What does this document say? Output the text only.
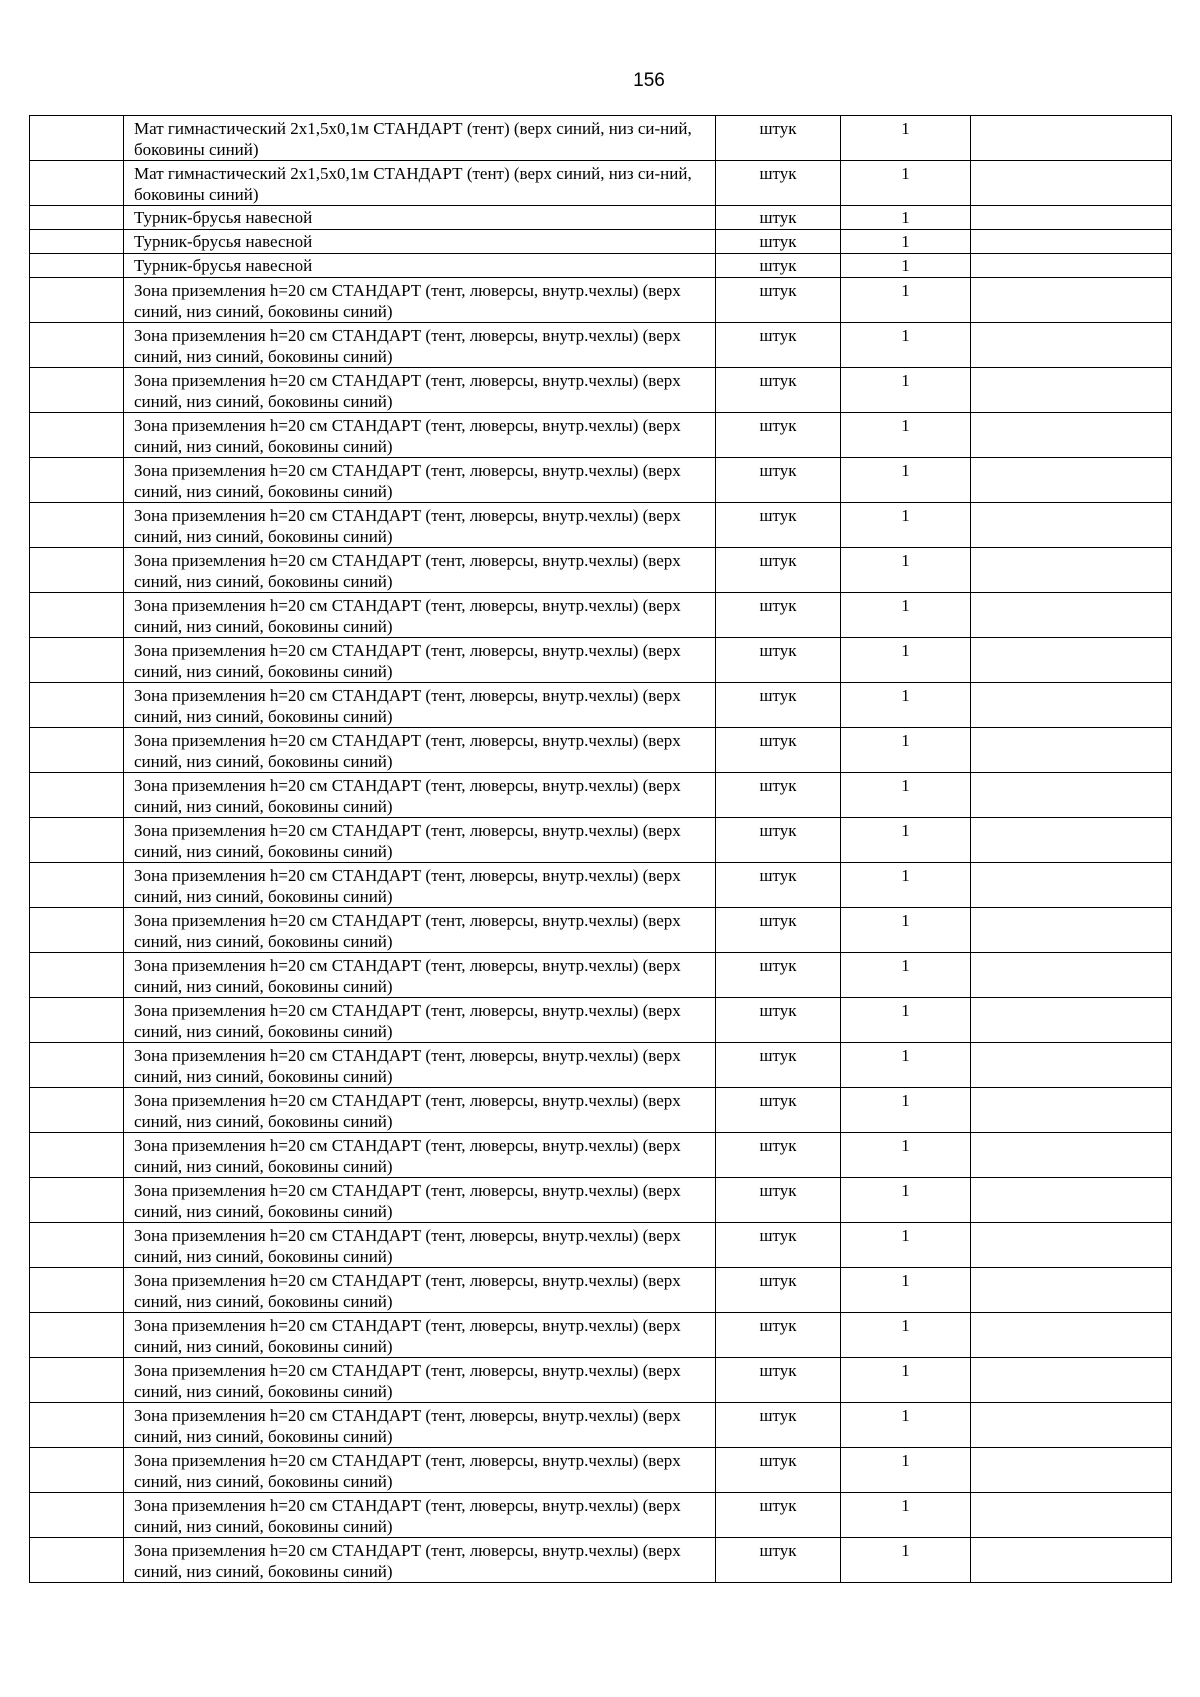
156
	Мат гимнастический 2х1,5х0,1м СТАНДАРТ (тент) (верх синий, низ си-ний, боковины синий)	штук	1	
	Мат гимнастический 2х1,5х0,1м СТАНДАРТ (тент) (верх синий, низ си-ний, боковины синий)	штук	1	
	Турник-брусья навесной	штук	1	
	Турник-брусья навесной	штук	1	
	Турник-брусья навесной	штук	1	
	Зона приземления h=20 см СТАНДАРТ (тент, люверсы, внутр.чехлы) (верх синий, низ синий, боковины синий)	штук	1	
	Зона приземления h=20 см СТАНДАРТ (тент, люверсы, внутр.чехлы) (верх синий, низ синий, боковины синий)	штук	1	
	Зона приземления h=20 см СТАНДАРТ (тент, люверсы, внутр.чехлы) (верх синий, низ синий, боковины синий)	штук	1	
	Зона приземления h=20 см СТАНДАРТ (тент, люверсы, внутр.чехлы) (верх синий, низ синий, боковины синий)	штук	1	
	Зона приземления h=20 см СТАНДАРТ (тент, люверсы, внутр.чехлы) (верх синий, низ синий, боковины синий)	штук	1	
	Зона приземления h=20 см СТАНДАРТ (тент, люверсы, внутр.чехлы) (верх синий, низ синий, боковины синий)	штук	1	
	Зона приземления h=20 см СТАНДАРТ (тент, люверсы, внутр.чехлы) (верх синий, низ синий, боковины синий)	штук	1	
	Зона приземления h=20 см СТАНДАРТ (тент, люверсы, внутр.чехлы) (верх синий, низ синий, боковины синий)	штук	1	
	Зона приземления h=20 см СТАНДАРТ (тент, люверсы, внутр.чехлы) (верх синий, низ синий, боковины синий)	штук	1	
	Зона приземления h=20 см СТАНДАРТ (тент, люверсы, внутр.чехлы) (верх синий, низ синий, боковины синий)	штук	1	
	Зона приземления h=20 см СТАНДАРТ (тент, люверсы, внутр.чехлы) (верх синий, низ синий, боковины синий)	штук	1	
	Зона приземления h=20 см СТАНДАРТ (тент, люверсы, внутр.чехлы) (верх синий, низ синий, боковины синий)	штук	1	
	Зона приземления h=20 см СТАНДАРТ (тент, люверсы, внутр.чехлы) (верх синий, низ синий, боковины синий)	штук	1	
	Зона приземления h=20 см СТАНДАРТ (тент, люверсы, внутр.чехлы) (верх синий, низ синий, боковины синий)	штук	1	
	Зона приземления h=20 см СТАНДАРТ (тент, люверсы, внутр.чехлы) (верх синий, низ синий, боковины синий)	штук	1	
	Зона приземления h=20 см СТАНДАРТ (тент, люверсы, внутр.чехлы) (верх синий, низ синий, боковины синий)	штук	1	
	Зона приземления h=20 см СТАНДАРТ (тент, люверсы, внутр.чехлы) (верх синий, низ синий, боковины синий)	штук	1	
	Зона приземления h=20 см СТАНДАРТ (тент, люверсы, внутр.чехлы) (верх синий, низ синий, боковины синий)	штук	1	
	Зона приземления h=20 см СТАНДАРТ (тент, люверсы, внутр.чехлы) (верх синий, низ синий, боковины синий)	штук	1	
	Зона приземления h=20 см СТАНДАРТ (тент, люверсы, внутр.чехлы) (верх синий, низ синий, боковины синий)	штук	1	
	Зона приземления h=20 см СТАНДАРТ (тент, люверсы, внутр.чехлы) (верх синий, низ синий, боковины синий)	штук	1	
	Зона приземления h=20 см СТАНДАРТ (тент, люверсы, внутр.чехлы) (верх синий, низ синий, боковины синий)	штук	1	
	Зона приземления h=20 см СТАНДАРТ (тент, люверсы, внутр.чехлы) (верх синий, низ синий, боковины синий)	штук	1	
	Зона приземления h=20 см СТАНДАРТ (тент, люверсы, внутр.чехлы) (верх синий, низ синий, боковины синий)	штук	1	
	Зона приземления h=20 см СТАНДАРТ (тент, люверсы, внутр.чехлы) (верх синий, низ синий, боковины синий)	штук	1	
	Зона приземления h=20 см СТАНДАРТ (тент, люверсы, внутр.чехлы) (верх синий, низ синий, боковины синий)	штук	1	
	Зона приземления h=20 см СТАНДАРТ (тент, люверсы, внутр.чехлы) (верх синий, низ синий, боковины синий)	штук	1	
	Зона приземления h=20 см СТАНДАРТ (тент, люверсы, внутр.чехлы) (верх синий, низ синий, боковины синий)	штук	1	
	Зона приземления h=20 см СТАНДАРТ (тент, люверсы, внутр.чехлы) (верх синий, низ синий, боковины синий)	штук	1	
